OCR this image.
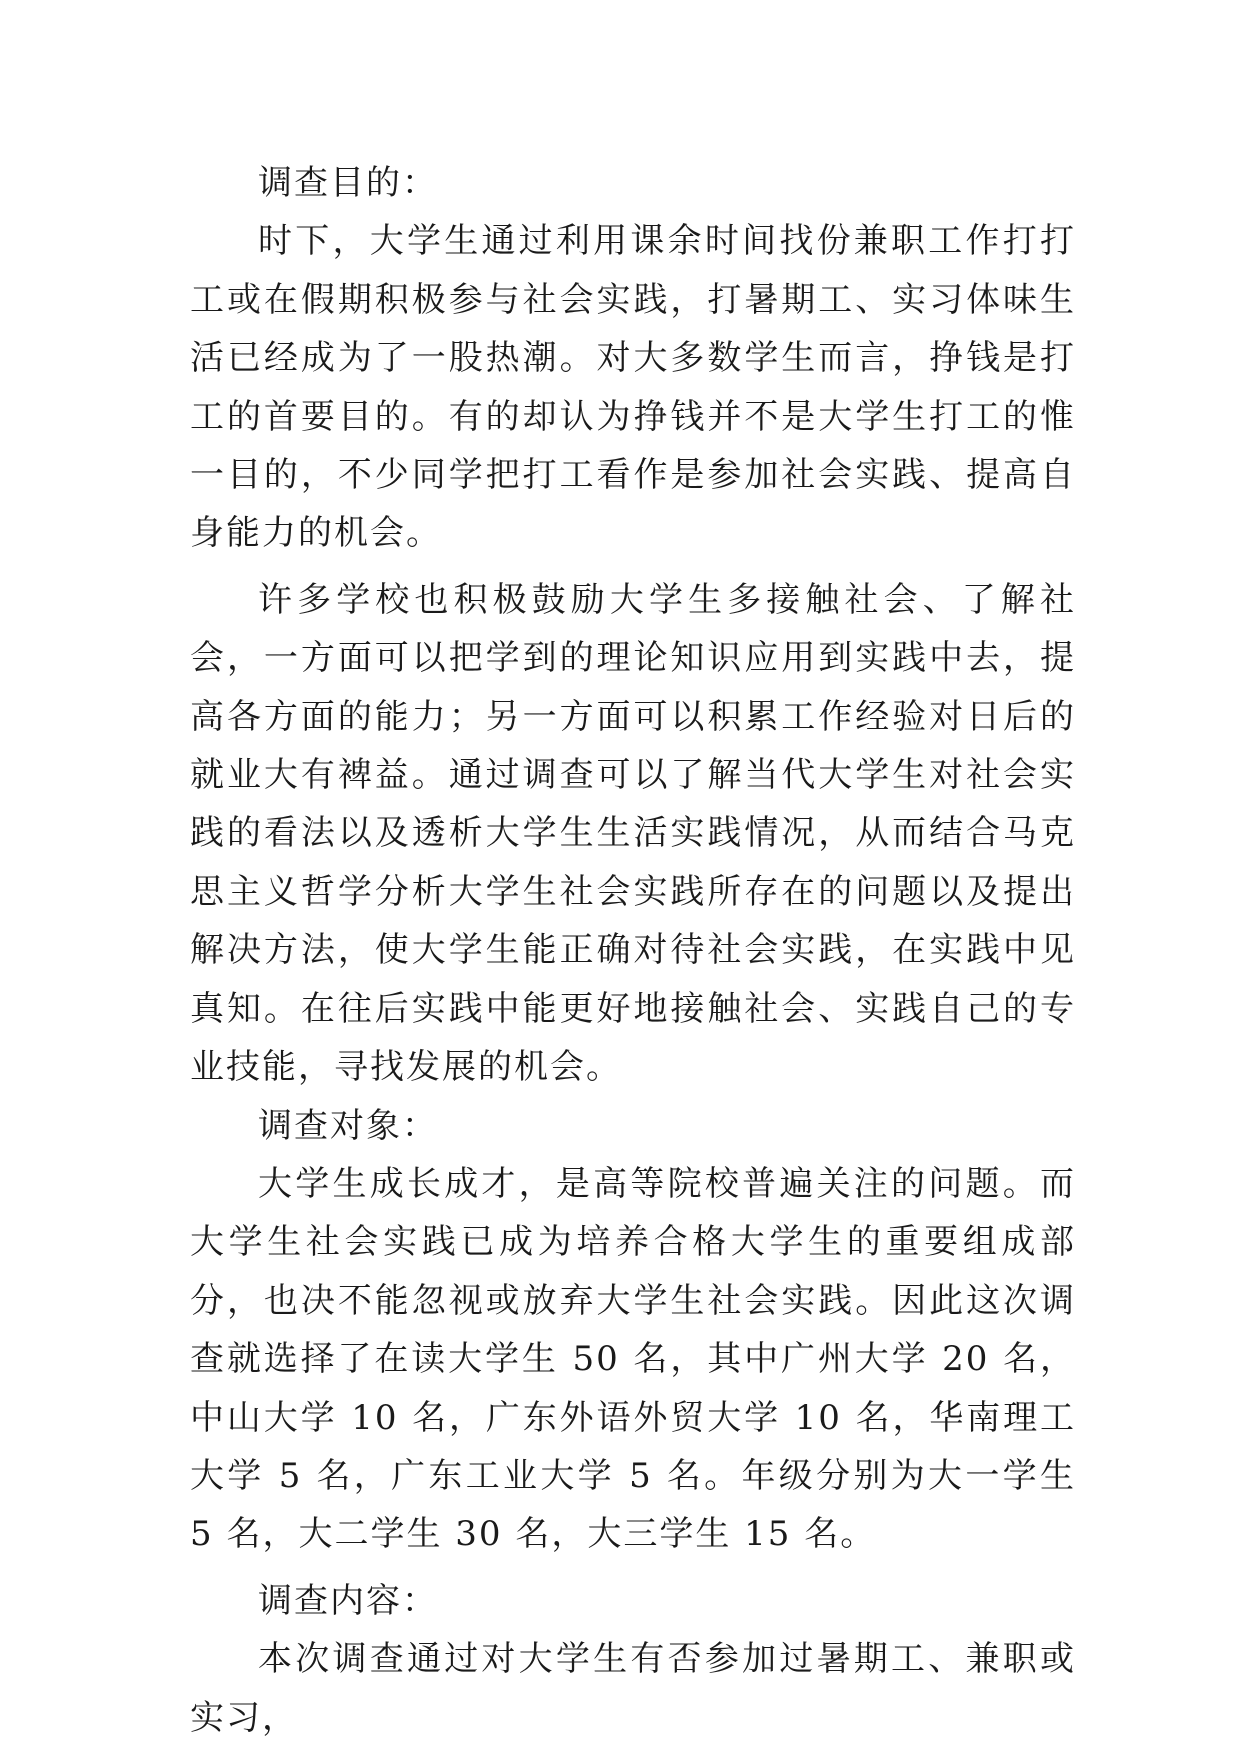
调查目的：

时下，大学生通过利用课余时间找份兼职工作打打工或在假期积极参与社会实践，打暑期工、实习体味生活已经成为了一股热潮。对大多数学生而言，挣钱是打工的首要目的。有的却认为挣钱并不是大学生打工的惟一目的，不少同学把打工看作是参加社会实践、提高自身能力的机会。

许多学校也积极鼓励大学生多接触社会、了解社会，一方面可以把学到的理论知识应用到实践中去，提高各方面的能力；另一方面可以积累工作经验对日后的就业大有裨益。通过调查可以了解当代大学生对社会实践的看法以及透析大学生生活实践情况，从而结合马克思主义哲学分析大学生社会实践所存在的问题以及提出解决方法，使大学生能正确对待社会实践，在实践中见真知。在往后实践中能更好地接触社会、实践自己的专业技能，寻找发展的机会。

调查对象：

大学生成长成才，是高等院校普遍关注的问题。而大学生社会实践已成为培养合格大学生的重要组成部分，也决不能忽视或放弃大学生社会实践。因此这次调查就选择了在读大学生 50 名，其中广州大学 20 名，中山大学 10 名，广东外语外贸大学 10 名，华南理工大学 5 名，广东工业大学 5 名。年级分别为大一学生 5 名，大二学生 30 名，大三学生 15 名。

调查内容：

本次调查通过对大学生有否参加过暑期工、兼职或实习，
